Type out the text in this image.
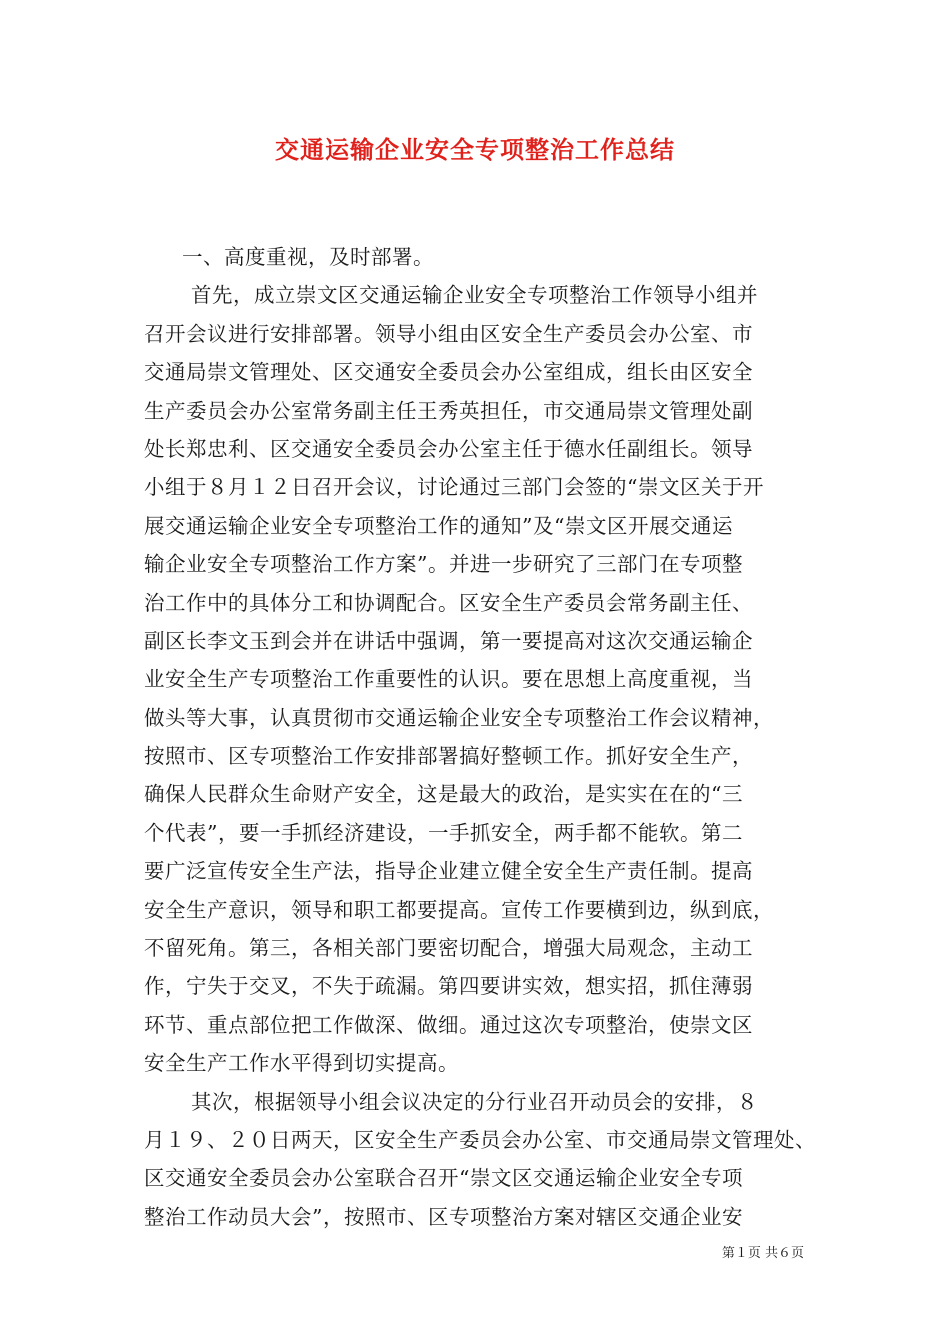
交通运输企业安全专项整治工作总结
一、高度重视，及时部署。
首先，成立崇文区交通运输企业安全专项整治工作领导小组并
召开会议进行安排部署。领导小组由区安全生产委员会办公室、市
交通局崇文管理处、区交通安全委员会办公室组成，组长由区安全
生产委员会办公室常务副主任王秀英担任，市交通局崇文管理处副
处长郑忠利、区交通安全委员会办公室主任于德水任副组长。领导
小组于８月１２日召开会议，讨论通过三部门会签的“崇文区关于开
展交通运输企业安全专项整治工作的通知”及“崇文区开展交通运
输企业安全专项整治工作方案”。并进一步研究了三部门在专项整
治工作中的具体分工和协调配合。区安全生产委员会常务副主任、
副区长李文玉到会并在讲话中强调，第一要提高对这次交通运输企
业安全生产专项整治工作重要性的认识。要在思想上高度重视，当
做头等大事，认真贯彻市交通运输企业安全专项整治工作会议精神，
按照市、区专项整治工作安排部署搞好整顿工作。抓好安全生产，
确保人民群众生命财产安全，这是最大的政治，是实实在在的“三
个代表”，要一手抓经济建设，一手抓安全，两手都不能软。第二
要广泛宣传安全生产法，指导企业建立健全安全生产责任制。提高
安全生产意识，领导和职工都要提高。宣传工作要横到边，纵到底，
不留死角。第三，各相关部门要密切配合，增强大局观念，主动工
作，宁失于交叉，不失于疏漏。第四要讲实效，想实招，抓住薄弱
环节、重点部位把工作做深、做细。通过这次专项整治，使崇文区
安全生产工作水平得到切实提高。
其次，根据领导小组会议决定的分行业召开动员会的安排，８
月１９、２０日两天，区安全生产委员会办公室、市交通局崇文管理处、
区交通安全委员会办公室联合召开“崇文区交通运输企业安全专项
整治工作动员大会”，按照市、区专项整治方案对辖区交通企业安
第１页 共６页
